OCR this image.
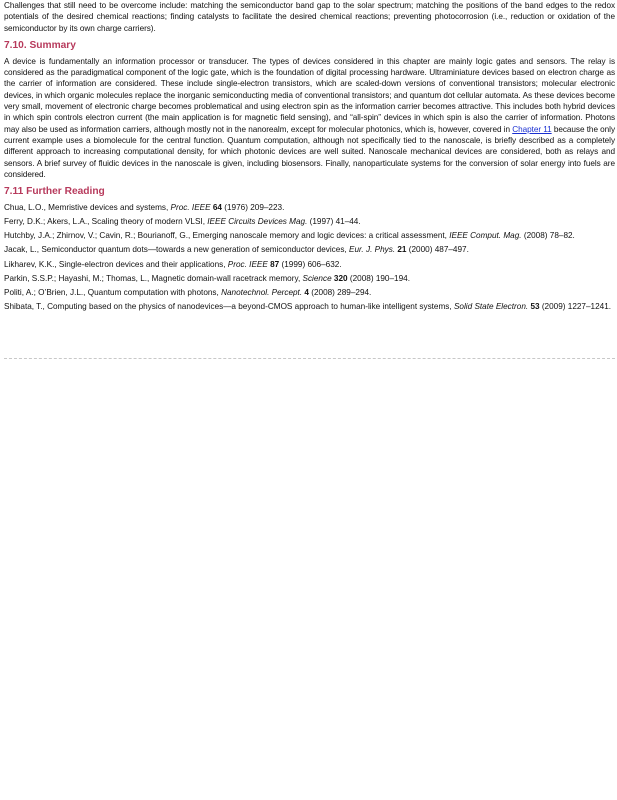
Challenges that still need to be overcome include: matching the semiconductor band gap to the solar spectrum; matching the positions of the band edges to the redox potentials of the desired chemical reactions; finding catalysts to facilitate the desired chemical reactions; preventing photocorrosion (i.e., reduction or oxidation of the semiconductor by its own charge carriers).

7.10. Summary

A device is fundamentally an information processor or transducer. The types of devices considered in this chapter are mainly logic gates and sensors. The relay is considered as the paradigmatical component of the logic gate, which is the foundation of digital processing hardware. Ultraminiature devices based on electron charge as the carrier of information are considered. These include single-electron transistors, which are scaled-down versions of conventional transistors; molecular electronic devices, in which organic molecules replace the inorganic semiconducting media of conventional transistors; and quantum dot cellular automata. As these devices become very small, movement of electronic charge becomes problematical and using electron spin as the information carrier becomes attractive. This includes both hybrid devices in which spin controls electron current (the main application is for magnetic field sensing), and “all-spin” devices in which spin is also the carrier of information. Photons may also be used as information carriers, although mostly not in the nanorealm, except for molecular photonics, which is, however, covered in Chapter 11 because the only current example uses a biomolecule for the central function. Quantum computation, although not specifically tied to the nanoscale, is briefly described as a completely different approach to increasing computational density, for which photonic devices are well suited. Nanoscale mechanical devices are considered, both as relays and sensors. A brief survey of fluidic devices in the nanoscale is given, including biosensors. Finally, nanoparticulate systems for the conversion of solar energy into fuels are considered.

7.11 Further Reading
Chua, L.O., Memristive devices and systems, Proc. IEEE 64 (1976) 209–223.
Ferry, D.K.; Akers, L.A., Scaling theory of modern VLSI, IEEE Circuits Devices Mag. (1997) 41–44.
Hutchby, J.A.; Zhirnov, V.; Cavin, R.; Bourianoff, G., Emerging nanoscale memory and logic devices: a critical assessment, IEEE Comput. Mag. (2008) 78–82.
Jacak, L., Semiconductor quantum dots—towards a new generation of semiconductor devices, Eur. J. Phys. 21 (2000) 487–497.
Likharev, K.K., Single-electron devices and their applications, Proc. IEEE 87 (1999) 606–632.
Parkin, S.S.P.; Hayashi, M.; Thomas, L., Magnetic domain-wall racetrack memory, Science 320 (2008) 190–194.
Politi, A.; O’Brien, J.L., Quantum computation with photons, Nanotechnol. Percept. 4 (2008) 289–294.
Shibata, T., Computing based on the physics of nanodevices—a beyond-CMOS approach to human-like intelligent systems, Solid State Electron. 53 (2009) 1227–1241.
